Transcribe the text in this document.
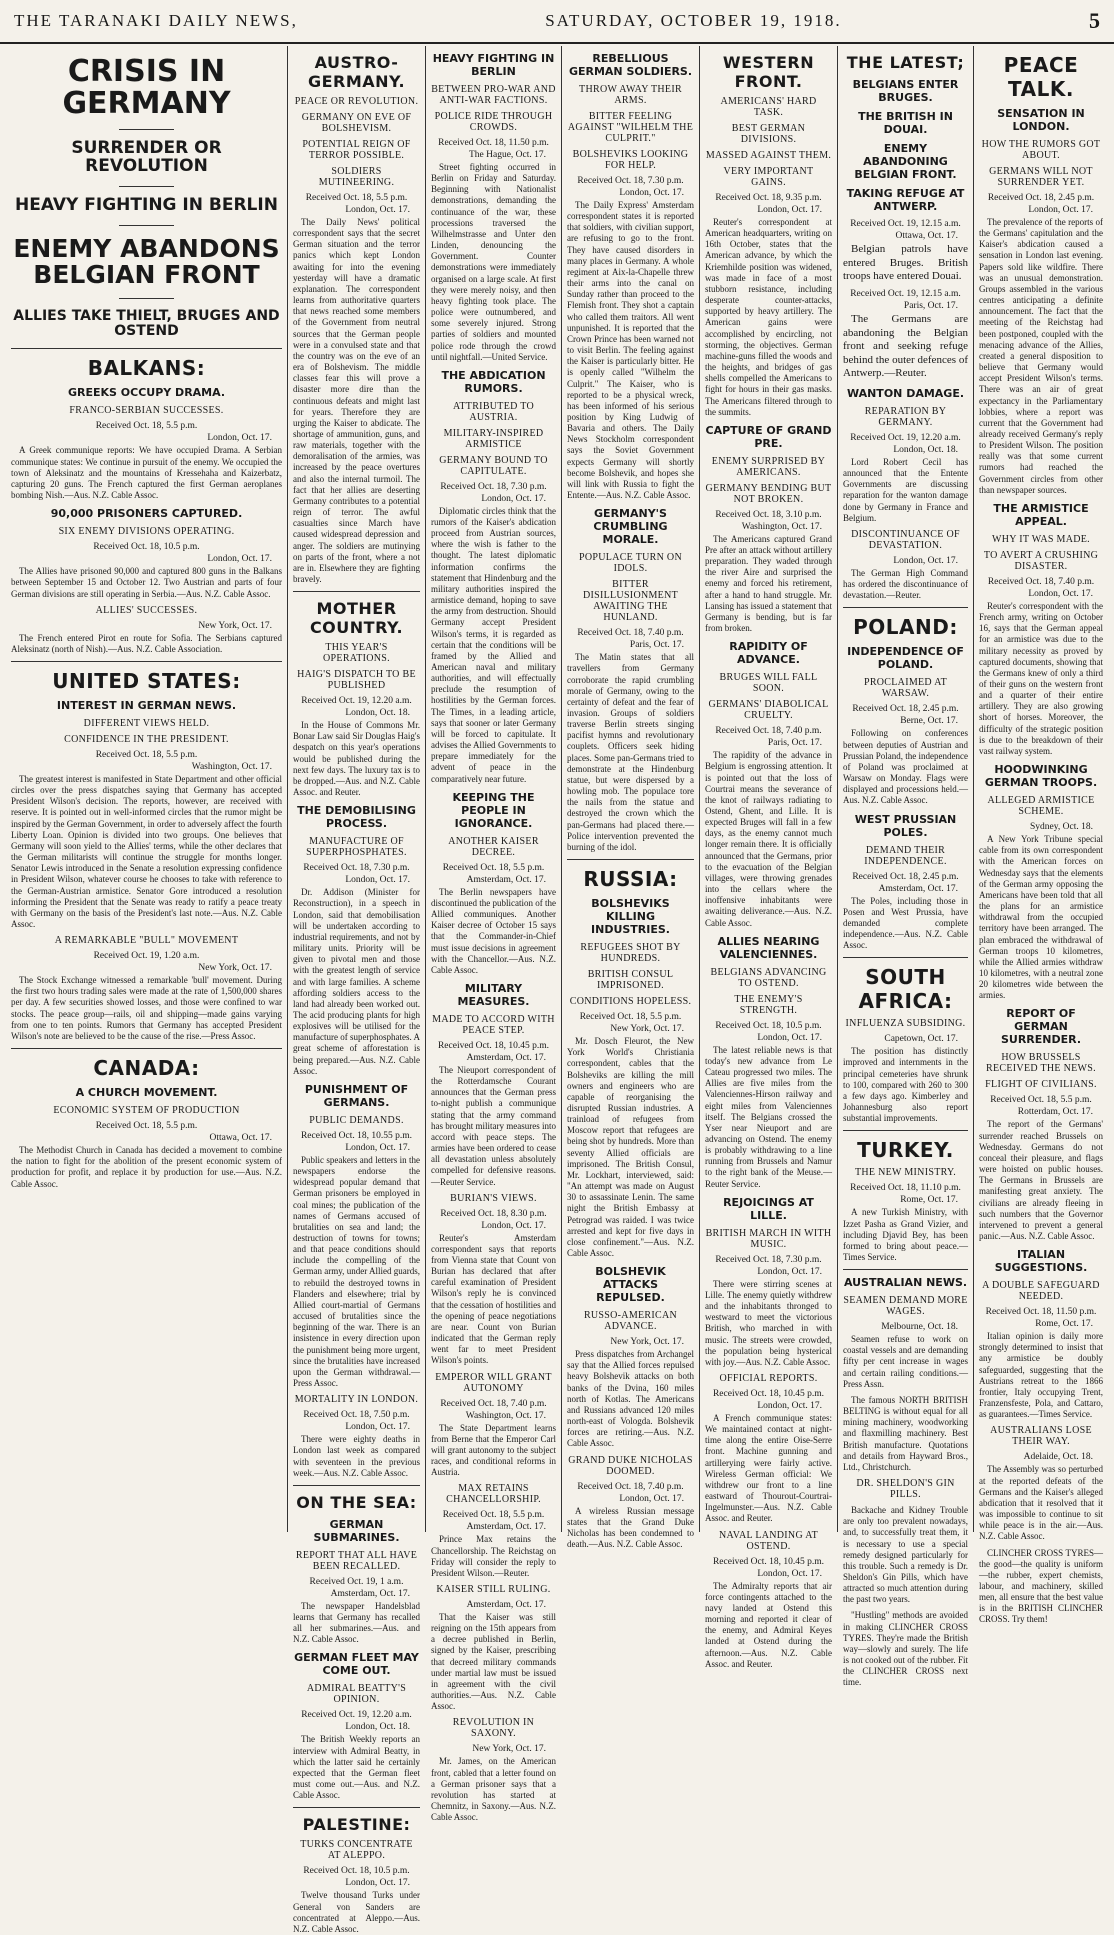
THE TARANAKI DAILY NEWS,	SATURDAY, OCTOBER 19, 1918.	5
CRISIS IN GERMANY
SURRENDER OR REVOLUTION
HEAVY FIGHTING IN BERLIN
ENEMY ABANDONS BELGIAN FRONT
ALLIES TAKE THIELT, BRUGES AND OSTEND
BALKANS:
GREEKS OCCUPY DRAMA.
FRANCO-SERBIAN SUCCESSES.
Received Oct. 18, 5.5 p.m.
London, Oct. 17.

A Greek communique reports: We have occupied Drama. A Serbian communique states: We continue in pursuit of the enemy. We occupied the town of Aleksinatz and the mountains of Kressehaha and Kaizerbatz, capturing 20 guns. The French captured the first German aeroplanes bombing Nish.—Aus. N.Z. Cable Assoc.

90,000 PRISONERS CAPTURED.
SIX ENEMY DIVISIONS OPERATING.
Received Oct. 18, 10.5 p.m.
London, Oct. 17.

The Allies have prisoned 90,000 and captured 800 guns in the Balkans between September 15 and October 12. Two Austrian and parts of four German divisions are still operating in Serbia.—Aus. N.Z. Cable Assoc.

ALLIES' SUCCESSES.
New York, Oct. 17.

The French entered Pirot en route for Sofia. The Serbians captured Aleksinatz (north of Nish).—Aus. N.Z. Cable Association.

UNITED STATES:
INTEREST IN GERMAN NEWS.
DIFFERENT VIEWS HELD.
CONFIDENCE IN THE PRESIDENT.
Received Oct. 18, 5.5 p.m.
Washington, Oct. 17.

The greatest interest is manifested in State Department and other official circles over the press dispatches saying that Germany has accepted President Wilson's decision. The reports, however, are received with reserve. It is pointed out in well-informed circles that the rumor might be inspired by the German Government, in order to adversely affect the fourth Liberty Loan. Opinion is divided into two groups. One believes that Germany will soon yield to the Allies' terms, while the other declares that the German militarists will continue the struggle for months longer. Senator Lewis introduced in the Senate a resolution expressing confidence in President Wilson, whatever course he chooses to take with reference to the German-Austrian armistice. Senator Gore introduced a resolution informing the President that the Senate was ready to ratify a peace treaty with Germany on the basis of the President's last note.—Aus. N.Z. Cable Assoc.

A REMARKABLE "BULL" MOVEMENT
Received Oct. 19, 1.20 a.m.
New York, Oct. 17.

The Stock Exchange witnessed a remarkable 'bull' movement. During the first two hours trading sales were made at the rate of 1,500,000 shares per day. A few securities showed losses, and those were confined to war stocks. The peace group—rails, oil and shipping—made gains varying from one to ten points. Rumors that Germany has accepted President Wilson's note are believed to be the cause of the rise.—Press Assoc.

CANADA:
A CHURCH MOVEMENT.
ECONOMIC SYSTEM OF PRODUCTION
Received Oct. 18, 5.5 p.m.
Ottawa, Oct. 17.

The Methodist Church in Canada has decided a movement to combine the nation to fight for the abolition of the present economic system of production for profit, and replace it by production for use.—Aus. N.Z. Cable Assoc.

AUSTRO-GERMANY.
PEACE OR REVOLUTION.
GERMANY ON EVE OF BOLSHEVISM.
POTENTIAL REIGN OF TERROR POSSIBLE.
SOLDIERS MUTINEERING.
Received Oct. 18, 5.5 p.m.
London, Oct. 17.

The Daily News' political correspondent says that the secret German situation and the terror panics which kept London awaiting for into the evening yesterday will have a dramatic explanation. The correspondent learns from authoritative quarters that news reached some members of the Government from neutral sources that the German people were in a convulsed state and that the country was on the eve of an era of Bolshevism. The middle classes fear this will prove a disaster more dire than the continuous defeats and might last for years. Therefore they are urging the Kaiser to abdicate. The shortage of ammunition, guns, and raw materials, together with the demoralisation of the armies, was increased by the peace overtures and also the internal turmoil. The fact that her allies are deserting Germany contributes to a potential reign of terror. The awful casualties since March have caused widespread depression and anger. The soldiers are mutinying on parts of the front, where a not are in. Elsewhere they are fighting bravely.

MOTHER COUNTRY.
THIS YEAR'S OPERATIONS.
HAIG'S DISPATCH TO BE PUBLISHED
Received Oct. 19, 12.20 a.m.
London, Oct. 18.

In the House of Commons Mr. Bonar Law said Sir Douglas Haig's despatch on this year's operations would be published during the next few days. The luxury tax is to be dropped.—Aus. and N.Z. Cable Assoc. and Reuter.

THE DEMOBILISING PROCESS.
MANUFACTURE OF SUPERPHOSPHATES.
Received Oct. 18, 7.30 p.m.
London, Oct. 17.

Dr. Addison (Minister for Reconstruction), in a speech in London, said that demobilisation will be undertaken according to industrial requirements, and not by military units. Priority will be given to pivotal men and those with the greatest length of service and with large families. A scheme affording soldiers access to the land had already been worked out. The acid producing plants for high explosives will be utilised for the manufacture of superphosphates. A great scheme of afforestation is being prepared.—Aus. N.Z. Cable Assoc.

PUNISHMENT OF GERMANS.
PUBLIC DEMANDS.
Received Oct. 18, 10.55 p.m.
London, Oct. 17.

Public speakers and letters in the newspapers endorse the widespread popular demand that German prisoners be employed in coal mines; the publication of the names of Germans accused of brutalities on sea and land; the destruction of towns for towns; and that peace conditions should include the compelling of the German army, under Allied guards, to rebuild the destroyed towns in Flanders and elsewhere; trial by Allied court-martial of Germans accused of brutalities since the beginning of the war. There is an insistence in every direction upon the punishment being more urgent, since the brutalities have increased upon the German withdrawal.—Press Assoc.

MORTALITY IN LONDON.
Received Oct. 18, 7.50 p.m.
London, Oct. 17.

There were eighty deaths in London last week as compared with seventeen in the previous week.—Aus. N.Z. Cable Assoc.

ON THE SEA:
GERMAN SUBMARINES.
REPORT THAT ALL HAVE BEEN RECALLED.
Received Oct. 19, 1 a.m.
Amsterdam, Oct. 17.

The newspaper Handelsblad learns that Germany has recalled all her submarines.—Aus. and N.Z. Cable Assoc.

GERMAN FLEET MAY COME OUT.
ADMIRAL BEATTY'S OPINION.
Received Oct. 19, 12.20 a.m.
London, Oct. 18.

The British Weekly reports an interview with Admiral Beatty, in which the latter said he certainly expected that the German fleet must come out.—Aus. and N.Z. Cable Assoc.

PALESTINE:
TURKS CONCENTRATE AT ALEPPO.
Received Oct. 18, 10.5 p.m.
London, Oct. 17.

Twelve thousand Turks under General von Sanders are concentrated at Aleppo.—Aus. N.Z. Cable Assoc.

HEAVY FIGHTING IN BERLIN
BETWEEN PRO-WAR AND ANTI-WAR FACTIONS.
POLICE RIDE THROUGH CROWDS.
Received Oct. 18, 11.50 p.m.
The Hague, Oct. 17.

Street fighting occurred in Berlin on Friday and Saturday. Beginning with Nationalist demonstrations, demanding the continuance of the war, these processions traversed the Wilhelmstrasse and Unter den Linden, denouncing the Government. Counter demonstrations were immediately organised on a large scale. At first they were merely noisy, and then heavy fighting took place. The police were outnumbered, and some severely injured. Strong parties of soldiers and mounted police rode through the crowd until nightfall.—United Service.

THE ABDICATION RUMORS.
ATTRIBUTED TO AUSTRIA.
MILITARY-INSPIRED ARMISTICE
GERMANY BOUND TO CAPITULATE.
Received Oct. 18, 7.30 p.m.
London, Oct. 17.

Diplomatic circles think that the rumors of the Kaiser's abdication proceed from Austrian sources, where the wish is father to the thought. The latest diplomatic information confirms the statement that Hindenburg and the military authorities inspired the armistice demand, hoping to save the army from destruction. Should Germany accept President Wilson's terms, it is regarded as certain that the conditions will be framed by the Allied and American naval and military authorities, and will effectually preclude the resumption of hostilities by the German forces. The Times, in a leading article, says that sooner or later Germany will be forced to capitulate. It advises the Allied Governments to prepare immediately for the advent of peace in the comparatively near future.

KEEPING THE PEOPLE IN IGNORANCE.
ANOTHER KAISER DECREE.
Received Oct. 18, 5.5 p.m.
Amsterdam, Oct. 17.

The Berlin newspapers have discontinued the publication of the Allied communiques. Another Kaiser decree of October 15 says that the Commander-in-Chief must issue decisions in agreement with the Chancellor.—Aus. N.Z. Cable Assoc.

MILITARY MEASURES.
MADE TO ACCORD WITH PEACE STEP.
Received Oct. 18, 10.45 p.m.
Amsterdam, Oct. 17.

The Nieuport correspondent of the Rotterdamsche Courant announces that the German press to-night publish a communique stating that the army command has brought military measures into accord with peace steps. The armies have been ordered to cease all devastation unless absolutely compelled for defensive reasons.—Reuter Service.

BURIAN'S VIEWS.
Received Oct. 18, 8.30 p.m.
London, Oct. 17.

Reuter's Amsterdam correspondent says that reports from Vienna state that Count von Burian has declared that after careful examination of President Wilson's reply he is convinced that the cessation of hostilities and the opening of peace negotiations are near. Count von Burian indicated that the German reply went far to meet President Wilson's points.

EMPEROR WILL GRANT AUTONOMY
Received Oct. 18, 7.40 p.m.
Washington, Oct. 17.

The State Department learns from Berne that the Emperor Carl will grant autonomy to the subject races, and conditional reforms in Austria.

MAX RETAINS CHANCELLORSHIP.
Received Oct. 18, 5.5 p.m.
Amsterdam, Oct. 17.

Prince Max retains the Chancellorship. The Reichstag on Friday will consider the reply to President Wilson.—Reuter.

KAISER STILL RULING.
Amsterdam, Oct. 17.

That the Kaiser was still reigning on the 15th appears from a decree published in Berlin, signed by the Kaiser, prescribing that decreed military commands under martial law must be issued in agreement with the civil authorities.—Aus. N.Z. Cable Assoc.

REVOLUTION IN SAXONY.
New York, Oct. 17.

Mr. James, on the American front, cabled that a letter found on a German prisoner says that a revolution has started at Chemnitz, in Saxony.—Aus. N.Z. Cable Assoc.

REBELLIOUS GERMAN SOLDIERS.
THROW AWAY THEIR ARMS.
BITTER FEELING AGAINST "WILHELM THE CULPRIT."
BOLSHEVIKS LOOKING FOR HELP.
Received Oct. 18, 7.30 p.m.
London, Oct. 17.

The Daily Express' Amsterdam correspondent states it is reported that soldiers, with civilian support, are refusing to go to the front. They have caused disorders in many places in Germany. A whole regiment at Aix-la-Chapelle threw their arms into the canal on Sunday rather than proceed to the Flemish front. They shot a captain who called them traitors. All went unpunished. It is reported that the Crown Prince has been warned not to visit Berlin. The feeling against the Kaiser is particularly bitter. He is openly called "Wilhelm the Culprit." The Kaiser, who is reported to be a physical wreck, has been informed of his serious position by King Ludwig of Bavaria and others. The Daily News Stockholm correspondent says the Soviet Government expects Germany will shortly become Bolshevik, and hopes she will link with Russia to fight the Entente.—Aus. N.Z. Cable Assoc.

GERMANY'S CRUMBLING MORALE.
POPULACE TURN ON IDOLS.
BITTER DISILLUSIONMENT AWAITING THE HUNLAND.
Received Oct. 18, 7.40 p.m.
Paris, Oct. 17.

The Matin states that all travellers from Germany corroborate the rapid crumbling morale of Germany, owing to the certainty of defeat and the fear of invasion. Groups of soldiers traverse Berlin streets singing pacifist hymns and revolutionary couplets. Officers seek hiding places. Some pan-Germans tried to demonstrate at the Hindenburg statue, but were dispersed by a howling mob. The populace tore the nails from the statue and destroyed the crown which the pan-Germans had placed there.—Police intervention prevented the burning of the idol.

RUSSIA:
BOLSHEVIKS KILLING INDUSTRIES.
REFUGEES SHOT BY HUNDREDS.
BRITISH CONSUL IMPRISONED.
CONDITIONS HOPELESS.
Received Oct. 18, 5.5 p.m.
New York, Oct. 17.

Mr. Dosch Fleurot, the New York World's Christiania correspondent, cables that the Bolsheviks are killing the mill owners and engineers who are capable of reorganising the disrupted Russian industries. A trainload of refugees from Moscow report that refugees are being shot by hundreds. More than seventy Allied officials are imprisoned. The British Consul, Mr. Lockhart, interviewed, said: "An attempt was made on August 30 to assassinate Lenin. The same night the British Embassy at Petrograd was raided. I was twice arrested and kept for five days in close confinement."—Aus. N.Z. Cable Assoc.

BOLSHEVIK ATTACKS REPULSED.
RUSSO-AMERICAN ADVANCE.
New York, Oct. 17.

Press dispatches from Archangel say that the Allied forces repulsed heavy Bolshevik attacks on both banks of the Dvina, 160 miles north of Kotlas. The Americans and Russians advanced 120 miles north-east of Vologda. Bolshevik forces are retiring.—Aus. N.Z. Cable Assoc.

GRAND DUKE NICHOLAS DOOMED.
Received Oct. 18, 7.40 p.m.
London, Oct. 17.

A wireless Russian message states that the Grand Duke Nicholas has been condemned to death.—Aus. N.Z. Cable Assoc.

WESTERN FRONT.
AMERICANS' HARD TASK.
BEST GERMAN DIVISIONS.
MASSED AGAINST THEM.
VERY IMPORTANT GAINS.
Received Oct. 18, 9.35 p.m.
London, Oct. 17.

Reuter's correspondent at American headquarters, writing on 16th October, states that the American advance, by which the Kriemhilde position was widened, was made in face of a most stubborn resistance, including desperate counter-attacks, supported by heavy artillery. The American gains were accomplished by encircling, not storming, the objectives. German machine-guns filled the woods and the heights, and bridges of gas shells compelled the Americans to fight for hours in their gas masks. The Americans filtered through to the summits.

CAPTURE OF GRAND PRE.
ENEMY SURPRISED BY AMERICANS.
GERMANY BENDING BUT NOT BROKEN.
Received Oct. 18, 3.10 p.m.
Washington, Oct. 17.

The Americans captured Grand Pre after an attack without artillery preparation. They waded through the river Aire and surprised the enemy and forced his retirement, after a hand to hand struggle. Mr. Lansing has issued a statement that Germany is bending, but is far from broken.

RAPIDITY OF ADVANCE.
BRUGES WILL FALL SOON.
GERMANS' DIABOLICAL CRUELTY.
Received Oct. 18, 7.40 p.m.
Paris, Oct. 17.

The rapidity of the advance in Belgium is engrossing attention. It is pointed out that the loss of Courtrai means the severance of the knot of railways radiating to Ostend, Ghent, and Lille. It is expected Bruges will fall in a few days, as the enemy cannot much longer remain there. It is officially announced that the Germans, prior to the evacuation of the Belgian villages, were throwing grenades into the cellars where the inoffensive inhabitants were awaiting deliverance.—Aus. N.Z. Cable Assoc.

ALLIES NEARING VALENCIENNES.
BELGIANS ADVANCING TO OSTEND.
THE ENEMY'S STRENGTH.
Received Oct. 18, 10.5 p.m.
London, Oct. 17.

The latest reliable news is that today's new advance from Le Cateau progressed two miles. The Allies are five miles from the Valenciennes-Hirson railway and eight miles from Valenciennes itself. The Belgians crossed the Yser near Nieuport and are advancing on Ostend. The enemy is probably withdrawing to a line running from Brussels and Namur to the right bank of the Meuse.—Reuter Service.

REJOICINGS AT LILLE.
BRITISH MARCH IN WITH MUSIC.
Received Oct. 18, 7.30 p.m.
London, Oct. 17.

There were stirring scenes at Lille. The enemy quietly withdrew and the inhabitants thronged to westward to meet the victorious British, who marched in with music. The streets were crowded, the population being hysterical with joy.—Aus. N.Z. Cable Assoc.

OFFICIAL REPORTS.
Received Oct. 18, 10.45 p.m.
London, Oct. 17.

A French communique states: We maintained contact at night-time along the entire Oise-Serre front. Machine gunning and artillerying were fairly active. Wireless German official: We withdrew our front to a line eastward of Thourout-Courtrai-Ingelmunster.—Aus. N.Z. Cable Assoc. and Reuter.

NAVAL LANDING AT OSTEND.
Received Oct. 18, 10.45 p.m.
London, Oct. 17.

The Admiralty reports that air force contingents attached to the navy landed at Ostend this morning and reported it clear of the enemy, and Admiral Keyes landed at Ostend during the afternoon.—Aus. N.Z. Cable Assoc. and Reuter.

THE LATEST;
BELGIANS ENTER BRUGES.
THE BRITISH IN DOUAI.
ENEMY ABANDONING BELGIAN FRONT.
TAKING REFUGE AT ANTWERP.
Received Oct. 19, 12.15 a.m.
Ottawa, Oct. 17.

Belgian patrols have entered Bruges. British troops have entered Douai.

Received Oct. 19, 12.15 a.m.
Paris, Oct. 17.

The Germans are abandoning the Belgian front and seeking refuge behind the outer defences of Antwerp.—Reuter.

WANTON DAMAGE.
REPARATION BY GERMANY.
Received Oct. 19, 12.20 a.m.
London, Oct. 18.

Lord Robert Cecil has announced that the Entente Governments are discussing reparation for the wanton damage done by Germany in France and Belgium.

DISCONTINUANCE OF DEVASTATION.
London, Oct. 17.

The German High Command has ordered the discontinuance of devastation.—Reuter.

POLAND:
INDEPENDENCE OF POLAND.
PROCLAIMED AT WARSAW.
Received Oct. 18, 2.45 p.m.
Berne, Oct. 17.

Following on conferences between deputies of Austrian and Prussian Poland, the independence of Poland was proclaimed at Warsaw on Monday. Flags were displayed and processions held.—Aus. N.Z. Cable Assoc.

WEST PRUSSIAN POLES.
DEMAND THEIR INDEPENDENCE.
Received Oct. 18, 2.45 p.m.
Amsterdam, Oct. 17.

The Poles, including those in Posen and West Prussia, have demanded complete independence.—Aus. N.Z. Cable Assoc.

SOUTH AFRICA:
INFLUENZA SUBSIDING.
Capetown, Oct. 17.

The position has distinctly improved and internments in the principal cemeteries have shrunk to 100, compared with 260 to 300 a few days ago. Kimberley and Johannesburg also report substantial improvements.

TURKEY.
THE NEW MINISTRY.
Received Oct. 18, 11.10 p.m.
Rome, Oct. 17.

A new Turkish Ministry, with Izzet Pasha as Grand Vizier, and including Djavid Bey, has been formed to bring about peace.—Times Service.

AUSTRALIAN NEWS.
SEAMEN DEMAND MORE WAGES.
Melbourne, Oct. 18.

Seamen refuse to work on coastal vessels and are demanding fifty per cent increase in wages and certain railing conditions.—Press Assn.

The famous NORTH BRITISH BELTING is without equal for all mining machinery, woodworking and flaxmilling machinery. Best British manufacture. Quotations and details from Hayward Bros., Ltd., Christchurch.

DR. SHELDON'S GIN PILLS.

Backache and Kidney Trouble are only too prevalent nowadays, and, to successfully treat them, it is necessary to use a special remedy designed particularly for this trouble. Such a remedy is Dr. Sheldon's Gin Pills, which have attracted so much attention during the past two years.

"Hustling" methods are avoided in making CLINCHER CROSS TYRES. They're made the British way—slowly and surely. The life is not cooked out of the rubber. Fit the CLINCHER CROSS next time.

PEACE TALK.
SENSATION IN LONDON.
HOW THE RUMORS GOT ABOUT.
GERMANS WILL NOT SURRENDER YET.
Received Oct. 18, 2.45 p.m.
London, Oct. 17.

The prevalence of the reports of the Germans' capitulation and the Kaiser's abdication caused a sensation in London last evening. Papers sold like wildfire. There was an unusual demonstration. Groups assembled in the various centres anticipating a definite announcement. The fact that the meeting of the Reichstag had been postponed, coupled with the menacing advance of the Allies, created a general disposition to believe that Germany would accept President Wilson's terms. There was an air of great expectancy in the Parliamentary lobbies, where a report was current that the Government had already received Germany's reply to President Wilson. The position really was that some current rumors had reached the Government circles from other than newspaper sources.

THE ARMISTICE APPEAL.
WHY IT WAS MADE.
TO AVERT A CRUSHING DISASTER.
Received Oct. 18, 7.40 p.m.
London, Oct. 17.

Reuter's correspondent with the French army, writing on October 16, says that the German appeal for an armistice was due to the military necessity as proved by captured documents, showing that the Germans knew of only a third of their guns on the western front and a quarter of their entire artillery. They are also growing short of horses. Moreover, the difficulty of the strategic position is due to the breakdown of their vast railway system.

HOODWINKING GERMAN TROOPS.
ALLEGED ARMISTICE SCHEME.
Sydney, Oct. 18.

A New York Tribune special cable from its own correspondent with the American forces on Wednesday says that the elements of the German army opposing the Americans have been told that all the plans for an armistice withdrawal from the occupied territory have been arranged. The plan embraced the withdrawal of German troops 10 kilometres, while the Allied armies withdraw 10 kilometres, with a neutral zone 20 kilometres wide between the armies.

REPORT OF GERMAN SURRENDER.
HOW BRUSSELS RECEIVED THE NEWS.
FLIGHT OF CIVILIANS.
Received Oct. 18, 5.5 p.m.
Rotterdam, Oct. 17.

The report of the Germans' surrender reached Brussels on Wednesday. Germans do not conceal their pleasure, and flags were hoisted on public houses. The Germans in Brussels are manifesting great anxiety. The civilians are already fleeing in such numbers that the Governor intervened to prevent a general panic.—Aus. N.Z. Cable Assoc.

ITALIAN SUGGESTIONS.
A DOUBLE SAFEGUARD NEEDED.
Received Oct. 18, 11.50 p.m.
Rome, Oct. 17.

Italian opinion is daily more strongly determined to insist that any armistice be doubly safeguarded, suggesting that the Austrians retreat to the 1866 frontier, Italy occupying Trent, Franzensfeste, Pola, and Cattaro, as guarantees.—Times Service.

AUSTRALIANS LOSE THEIR WAY.
Adelaide, Oct. 18.

The Assembly was so perturbed at the reported defeats of the Germans and the Kaiser's alleged abdication that it resolved that it was impossible to continue to sit while peace is in the air.—Aus. N.Z. Cable Assoc.

CLINCHER CROSS TYRES—the good—the quality is uniform—the rubber, expert chemists, labour, and machinery, skilled men, all ensure that the best value is in the BRITISH CLINCHER CROSS. Try them!
